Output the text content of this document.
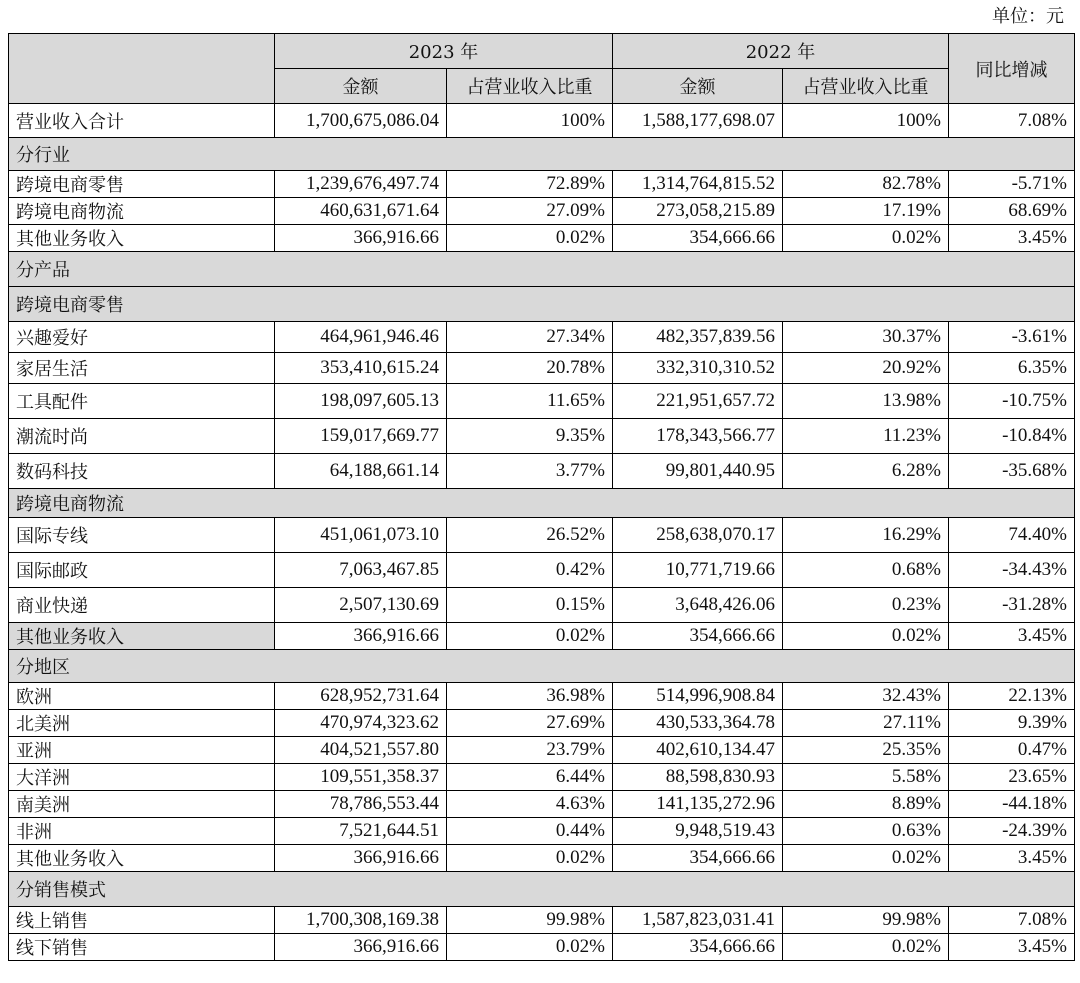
单位：元
	2023 年		2022 年		同比增减
	金额	占营业收入比重	金额	占营业收入比重	
营业收入合计	1,700,675,086.04	100%	1,588,177,698.07	100%	7.08%
分行业					
跨境电商零售	1,239,676,497.74	72.89%	1,314,764,815.52	82.78%	-5.71%
跨境电商物流	460,631,671.64	27.09%	273,058,215.89	17.19%	68.69%
其他业务收入	366,916.66	0.02%	354,666.66	0.02%	3.45%
分产品					
跨境电商零售					
兴趣爱好	464,961,946.46	27.34%	482,357,839.56	30.37%	-3.61%
家居生活	353,410,615.24	20.78%	332,310,310.52	20.92%	6.35%
工具配件	198,097,605.13	11.65%	221,951,657.72	13.98%	-10.75%
潮流时尚	159,017,669.77	9.35%	178,343,566.77	11.23%	-10.84%
数码科技	64,188,661.14	3.77%	99,801,440.95	6.28%	-35.68%
跨境电商物流					
国际专线	451,061,073.10	26.52%	258,638,070.17	16.29%	74.40%
国际邮政	7,063,467.85	0.42%	10,771,719.66	0.68%	-34.43%
商业快递	2,507,130.69	0.15%	3,648,426.06	0.23%	-31.28%
其他业务收入	366,916.66	0.02%	354,666.66	0.02%	3.45%
分地区					
欧洲	628,952,731.64	36.98%	514,996,908.84	32.43%	22.13%
北美洲	470,974,323.62	27.69%	430,533,364.78	27.11%	9.39%
亚洲	404,521,557.80	23.79%	402,610,134.47	25.35%	0.47%
大洋洲	109,551,358.37	6.44%	88,598,830.93	5.58%	23.65%
南美洲	78,786,553.44	4.63%	141,135,272.96	8.89%	-44.18%
非洲	7,521,644.51	0.44%	9,948,519.43	0.63%	-24.39%
其他业务收入	366,916.66	0.02%	354,666.66	0.02%	3.45%
分销售模式					
线上销售	1,700,308,169.38	99.98%	1,587,823,031.41	99.98%	7.08%
线下销售	366,916.66	0.02%	354,666.66	0.02%	3.45%
